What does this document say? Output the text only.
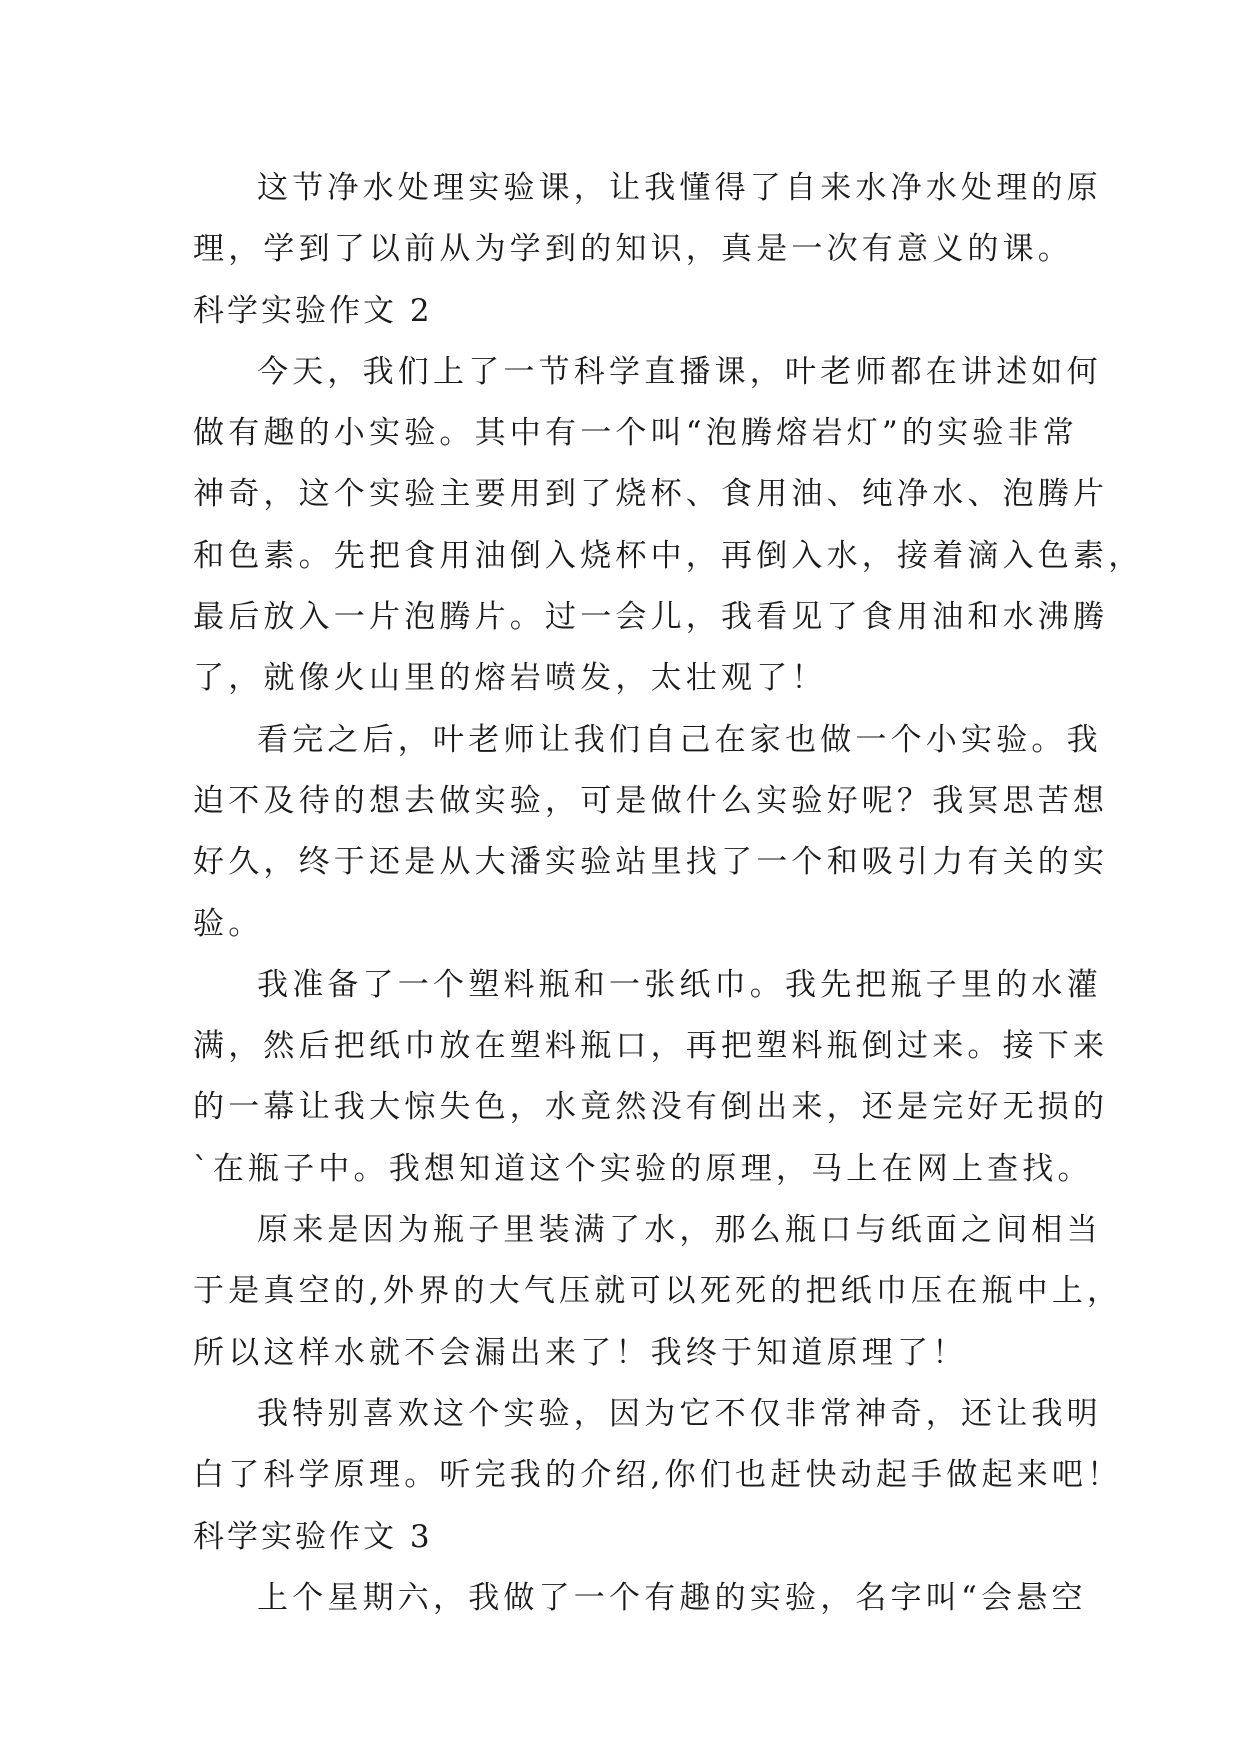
这节净水处理实验课，让我懂得了自来水净水处理的原
理，学到了以前从为学到的知识，真是一次有意义的课。
科学实验作文 2
今天，我们上了一节科学直播课，叶老师都在讲述如何
做有趣的小实验。其中有一个叫“泡腾熔岩灯”的实验非常
神奇，这个实验主要用到了烧杯、食用油、纯净水、泡腾片
和色素。先把食用油倒入烧杯中，再倒入水，接着滴入色素，
最后放入一片泡腾片。过一会儿，我看见了食用油和水沸腾
了，就像火山里的熔岩喷发，太壮观了！
看完之后，叶老师让我们自己在家也做一个小实验。我
迫不及待的想去做实验，可是做什么实验好呢？我冥思苦想
好久，终于还是从大潘实验站里找了一个和吸引力有关的实
验。
我准备了一个塑料瓶和一张纸巾。我先把瓶子里的水灌
满，然后把纸巾放在塑料瓶口，再把塑料瓶倒过来。接下来
的一幕让我大惊失色，水竟然没有倒出来，还是完好无损的
`在瓶子中。我想知道这个实验的原理，马上在网上查找。
原来是因为瓶子里装满了水，那么瓶口与纸面之间相当
于是真空的,外界的大气压就可以死死的把纸巾压在瓶中上，
所以这样水就不会漏出来了！我终于知道原理了！
我特别喜欢这个实验，因为它不仅非常神奇，还让我明
白了科学原理。听完我的介绍,你们也赶快动起手做起来吧！
科学实验作文 3
上个星期六，我做了一个有趣的实验，名字叫“会悬空
